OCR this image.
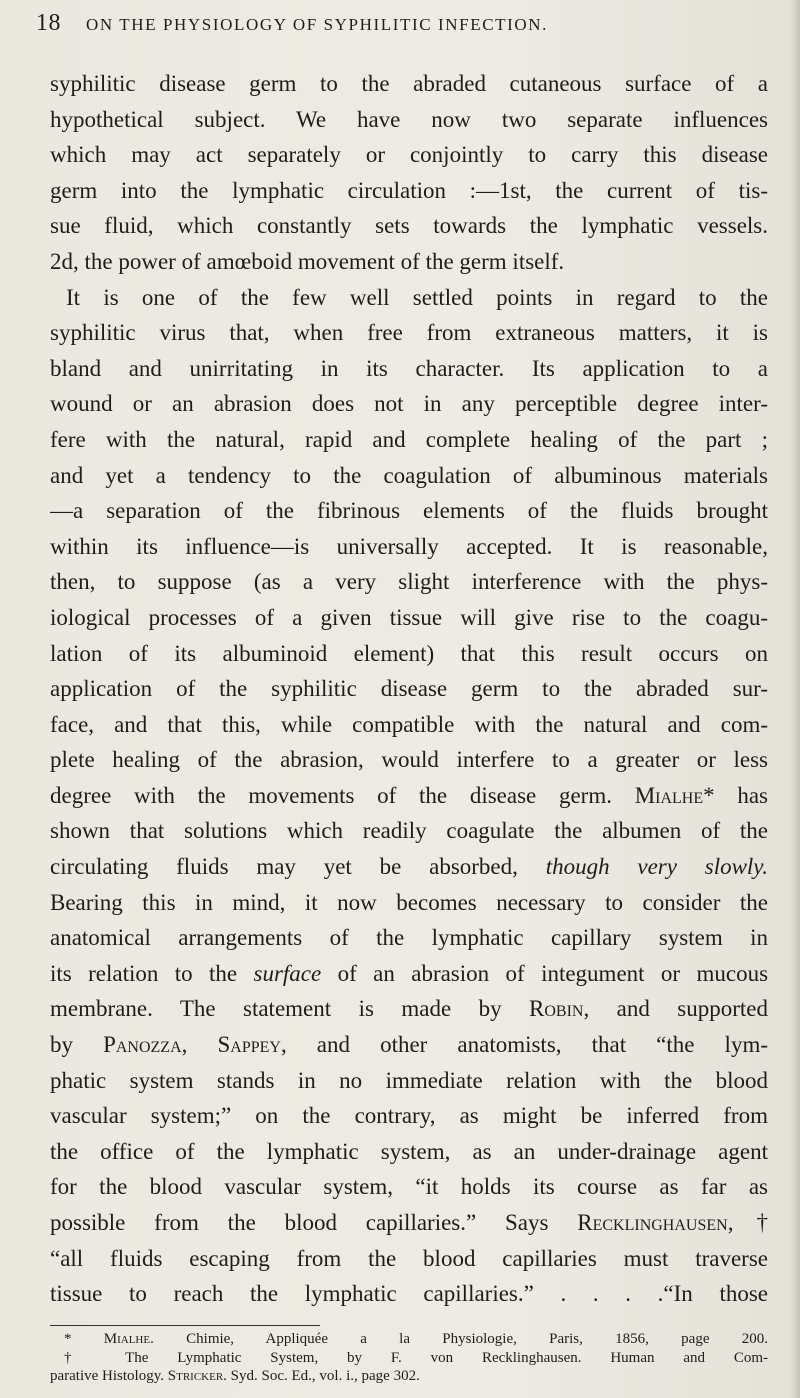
18 ON THE PHYSIOLOGY OF SYPHILITIC INFECTION.
syphilitic disease germ to the abraded cutaneous surface of a
hypothetical subject. We have now two separate influences
which may act separately or conjointly to carry this disease
germ into the lymphatic circulation :—1st, the current of tis-
sue fluid, which constantly sets towards the lymphatic vessels.
2d, the power of amœboid movement of the germ itself.
It is one of the few well settled points in regard to the
syphilitic virus that, when free from extraneous matters, it is
bland and unirritating in its character. Its application to a
wound or an abrasion does not in any perceptible degree inter-
fere with the natural, rapid and complete healing of the part ;
and yet a tendency to the coagulation of albuminous materials
—a separation of the fibrinous elements of the fluids brought
within its influence—is universally accepted. It is reasonable,
then, to suppose (as a very slight interference with the phys-
iological processes of a given tissue will give rise to the coagu-
lation of its albuminoid element) that this result occurs on
application of the syphilitic disease germ to the abraded sur-
face, and that this, while compatible with the natural and com-
plete healing of the abrasion, would interfere to a greater or less
degree with the movements of the disease germ. Mialhe* has
shown that solutions which readily coagulate the albumen of the
circulating fluids may yet be absorbed, though very slowly.
Bearing this in mind, it now becomes necessary to consider the
anatomical arrangements of the lymphatic capillary system in
its relation to the surface of an abrasion of integument or mucous
membrane. The statement is made by Robin, and supported
by Panozza, Sappey, and other anatomists, that “the lym-
phatic system stands in no immediate relation with the blood
vascular system;” on the contrary, as might be inferred from
the office of the lymphatic system, as an under-drainage agent
for the blood vascular system, “it holds its course as far as
possible from the blood capillaries.” Says Recklinghausen,†
“all fluids escaping from the blood capillaries must traverse
tissue to reach the lymphatic capillaries.” . . . .“In those
* Mialhe. Chimie, Appliquée a la Physiologie, Paris, 1856, page 200.
† The Lymphatic System, by F. von Recklinghausen. Human and Com-
parative Histology. Stricker. Syd. Soc. Ed., vol. i., page 302.
